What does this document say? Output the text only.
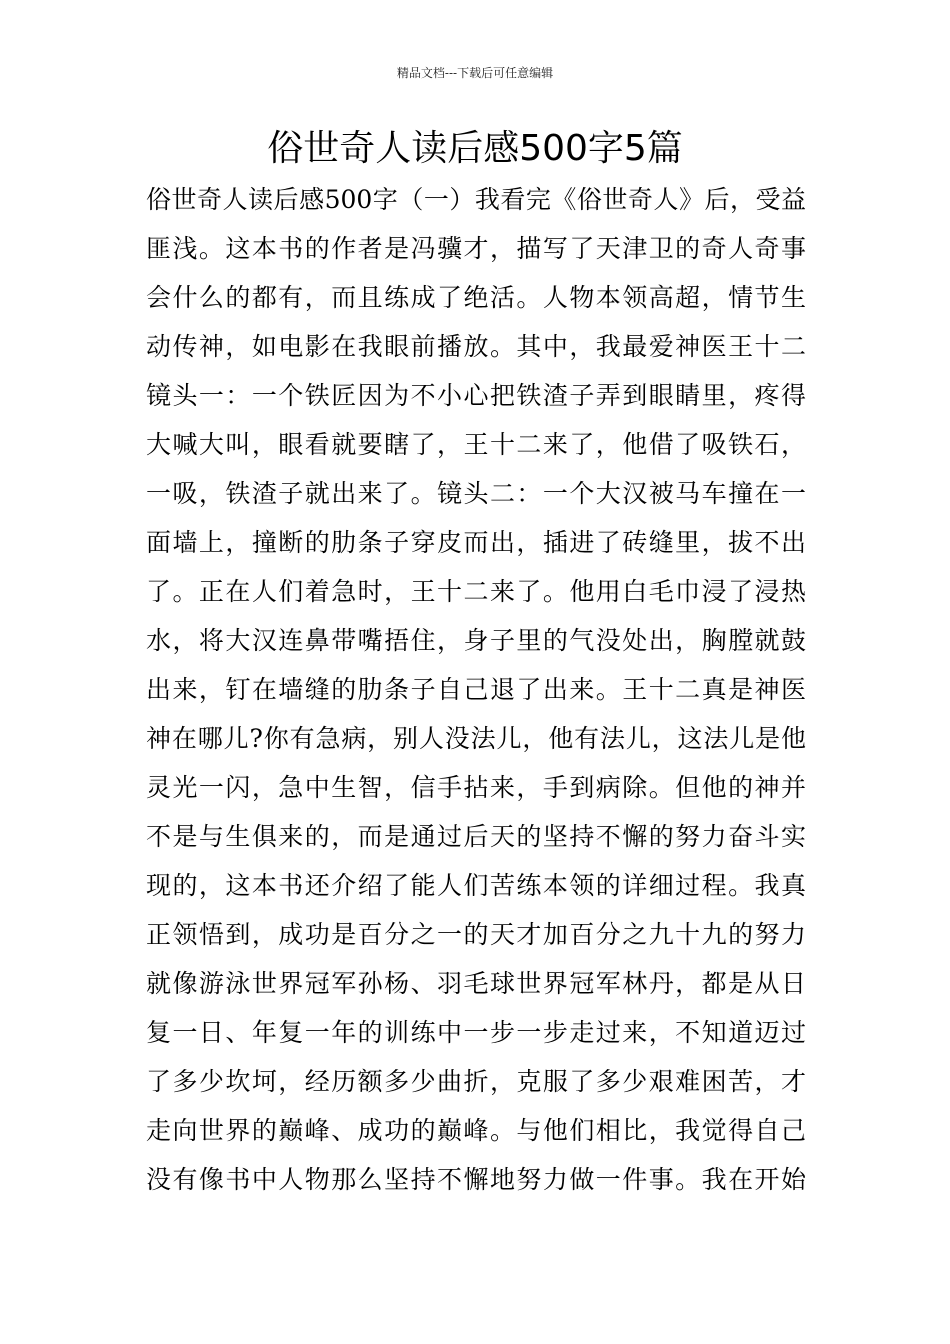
精品文档---下载后可任意编辑
俗世奇人读后感500字5篇
俗世奇人读后感500字（一）我看完《俗世奇人》后，受益
匪浅。这本书的作者是冯骥才，描写了天津卫的奇人奇事
会什么的都有，而且练成了绝活。人物本领高超，情节生
动传神，如电影在我眼前播放。其中，我最爱神医王十二
镜头一：一个铁匠因为不小心把铁渣子弄到眼睛里，疼得
大喊大叫，眼看就要瞎了，王十二来了，他借了吸铁石，
一吸，铁渣子就出来了。镜头二：一个大汉被马车撞在一
面墙上，撞断的肋条子穿皮而出，插进了砖缝里，拔不出
了。正在人们着急时，王十二来了。他用白毛巾浸了浸热
水，将大汉连鼻带嘴捂住，身子里的气没处出，胸膛就鼓
出来，钉在墙缝的肋条子自己退了出来。王十二真是神医
神在哪儿?你有急病，别人没法儿，他有法儿，这法儿是他
灵光一闪，急中生智，信手拈来，手到病除。但他的神并
不是与生俱来的，而是通过后天的坚持不懈的努力奋斗实
现的，这本书还介绍了能人们苦练本领的详细过程。我真
正领悟到，成功是百分之一的天才加百分之九十九的努力
就像游泳世界冠军孙杨、羽毛球世界冠军林丹，都是从日
复一日、年复一年的训练中一步一步走过来，不知道迈过
了多少坎坷，经历额多少曲折，克服了多少艰难困苦，才
走向世界的巅峰、成功的巅峰。与他们相比，我觉得自己
没有像书中人物那么坚持不懈地努力做一件事。我在开始
